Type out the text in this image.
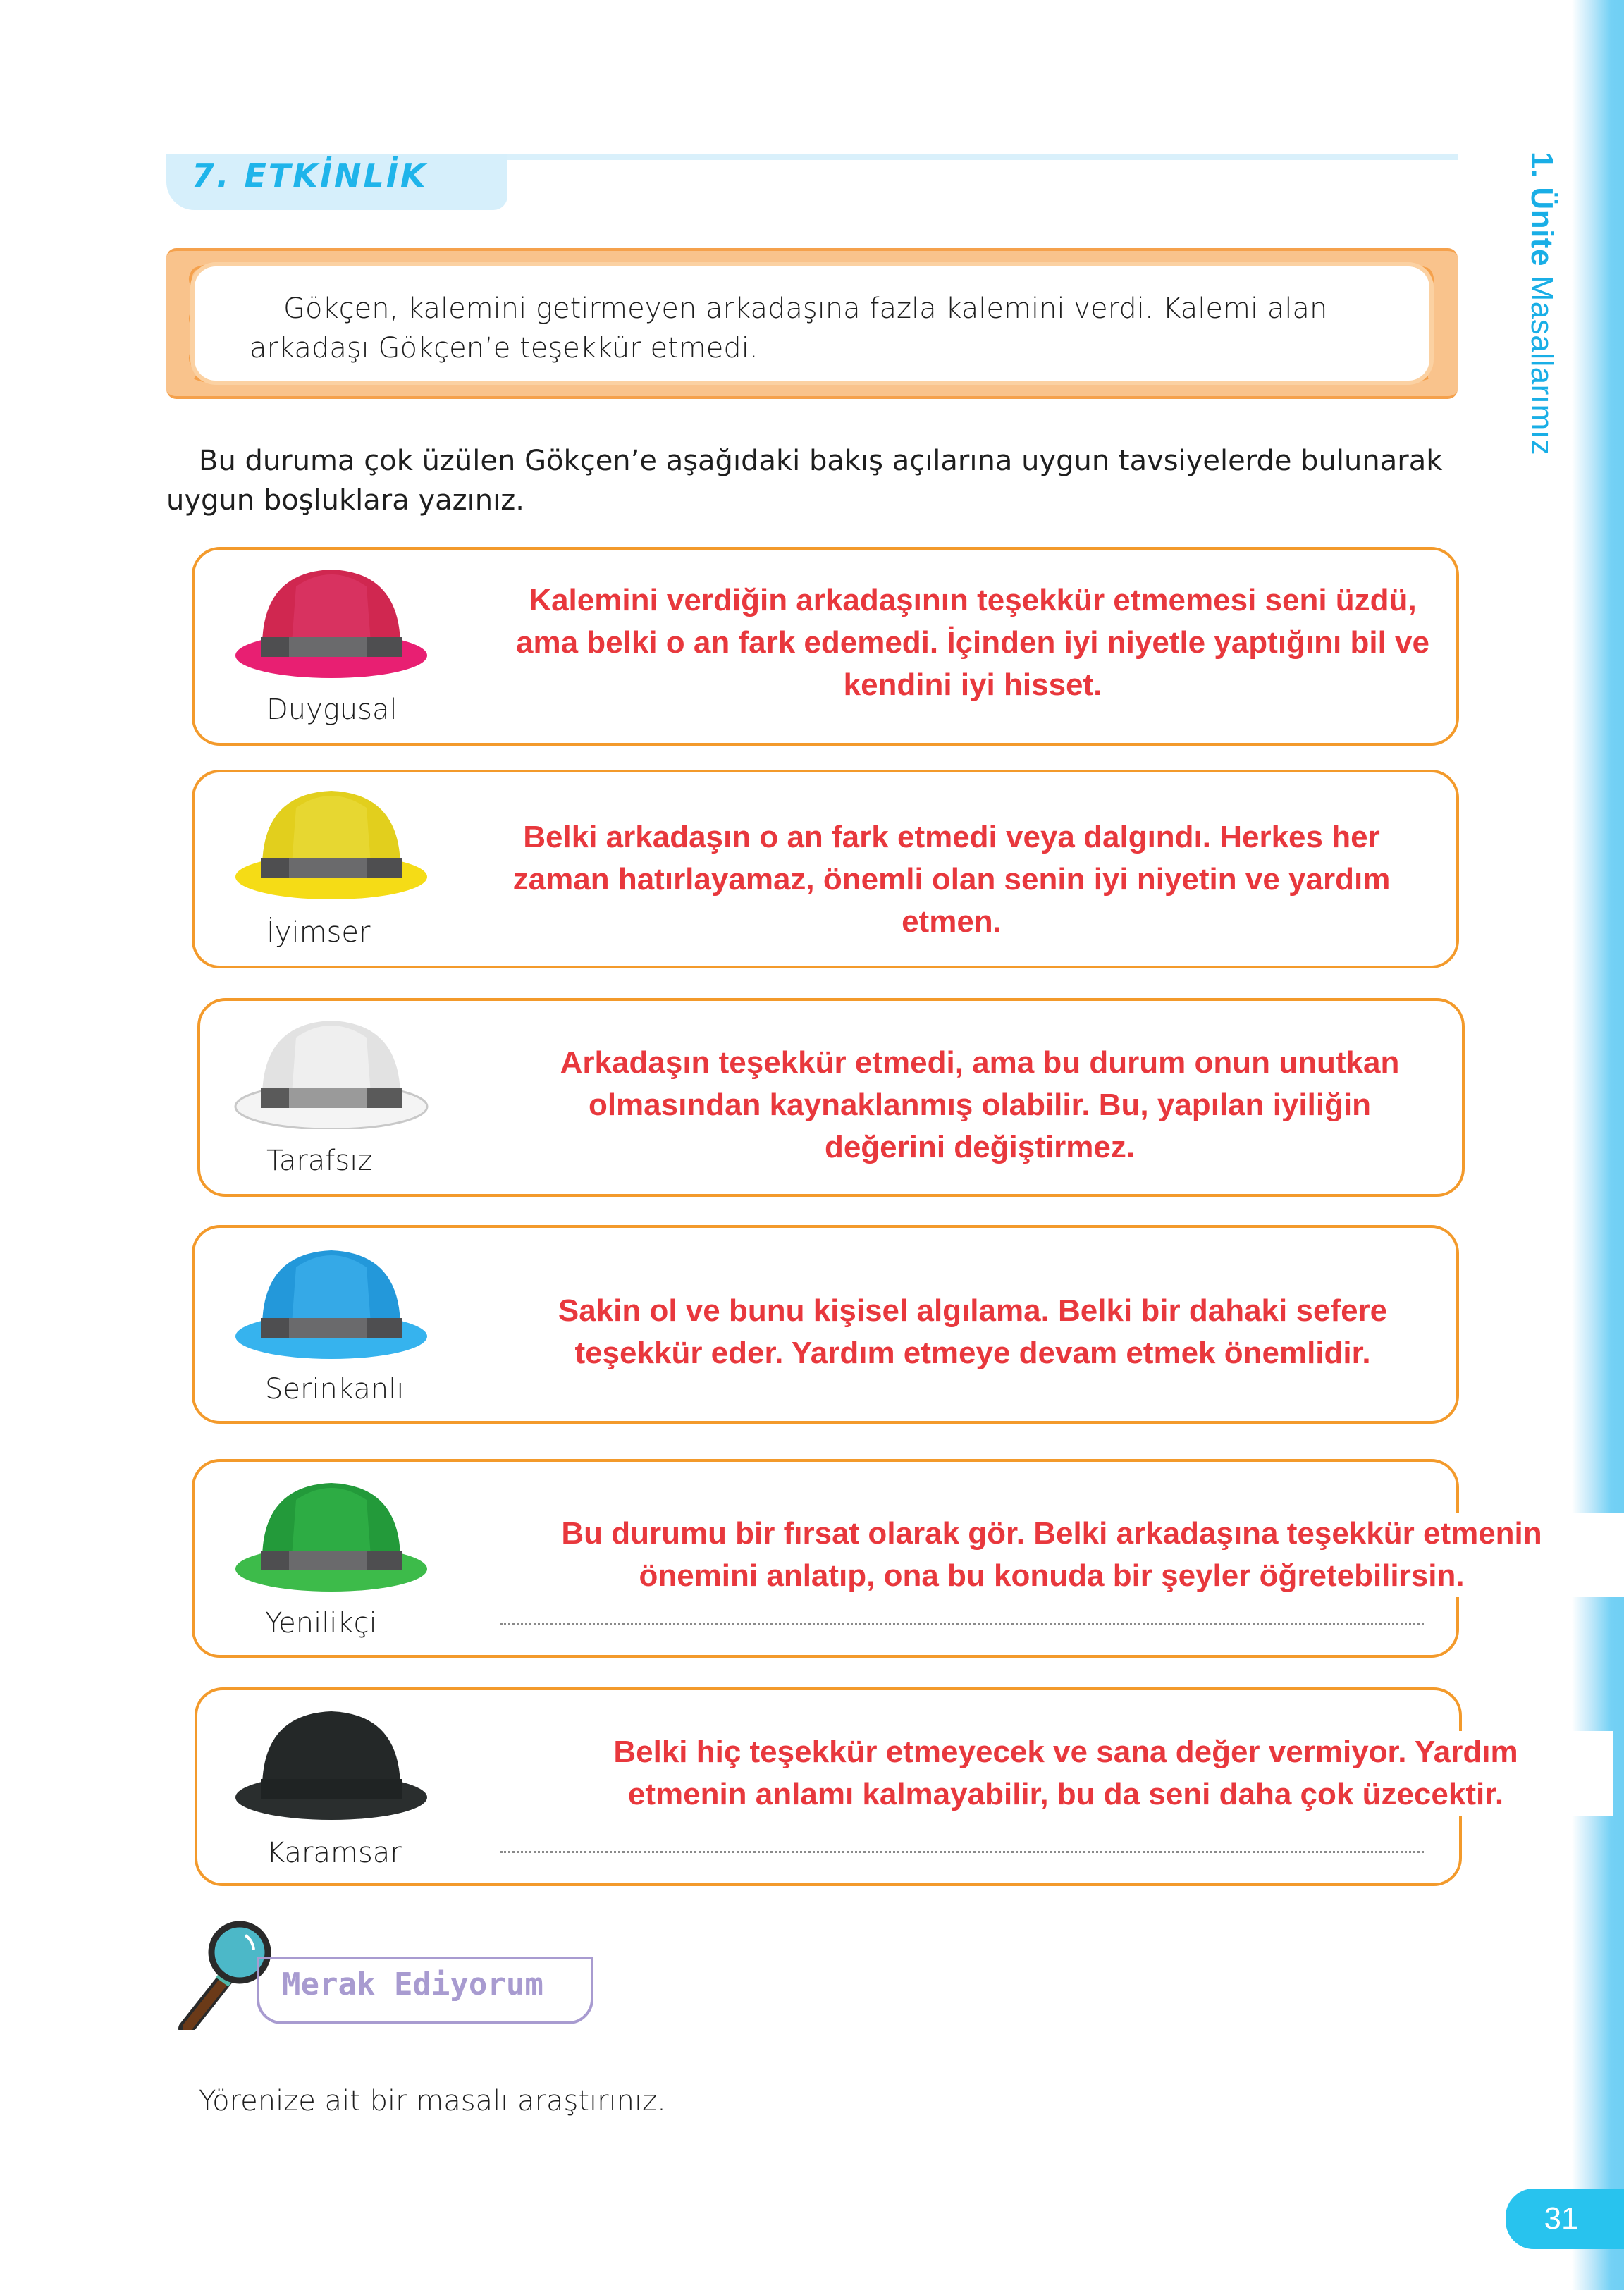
1. Ünite Masallarımız
31
7. ETKİNLİK
Gökçen, kalemini getirmeyen arkadaşına fazla kalemini verdi. Kalemi alan arkadaşı Gökçen’e teşekkür etmedi.
Bu duruma çok üzülen Gökçen’e aşağıdaki bakış açılarına uygun tavsiyelerde bulunarak uygun boşluklara yazınız.
Duygusal
Kalemini verdiğin arkadaşının teşekkür etmemesi seni üzdü,
ama belki o an fark edemedi. İçinden iyi niyetle yaptığını bil ve
kendini iyi hisset.
İyimser
Belki arkadaşın o an fark etmedi veya dalgındı. Herkes her
zaman hatırlayamaz, önemli olan senin iyi niyetin ve yardım
etmen.
Tarafsız
Arkadaşın teşekkür etmedi, ama bu durum onun unutkan
olmasından kaynaklanmış olabilir. Bu, yapılan iyiliğin
değerini değiştirmez.
Serinkanlı
Sakin ol ve bunu kişisel algılama. Belki bir dahaki sefere
teşekkür eder. Yardım etmeye devam etmek önemlidir.
Yenilikçi
Bu durumu bir fırsat olarak gör. Belki arkadaşına teşekkür etmenin
önemini anlatıp, ona bu konuda bir şeyler öğretebilirsin.
Karamsar
Belki hiç teşekkür etmeyecek ve sana değer vermiyor. Yardım
etmenin anlamı kalmayabilir, bu da seni daha çok üzecektir.
Merak Ediyorum
Yörenize ait bir masalı araştırınız.
